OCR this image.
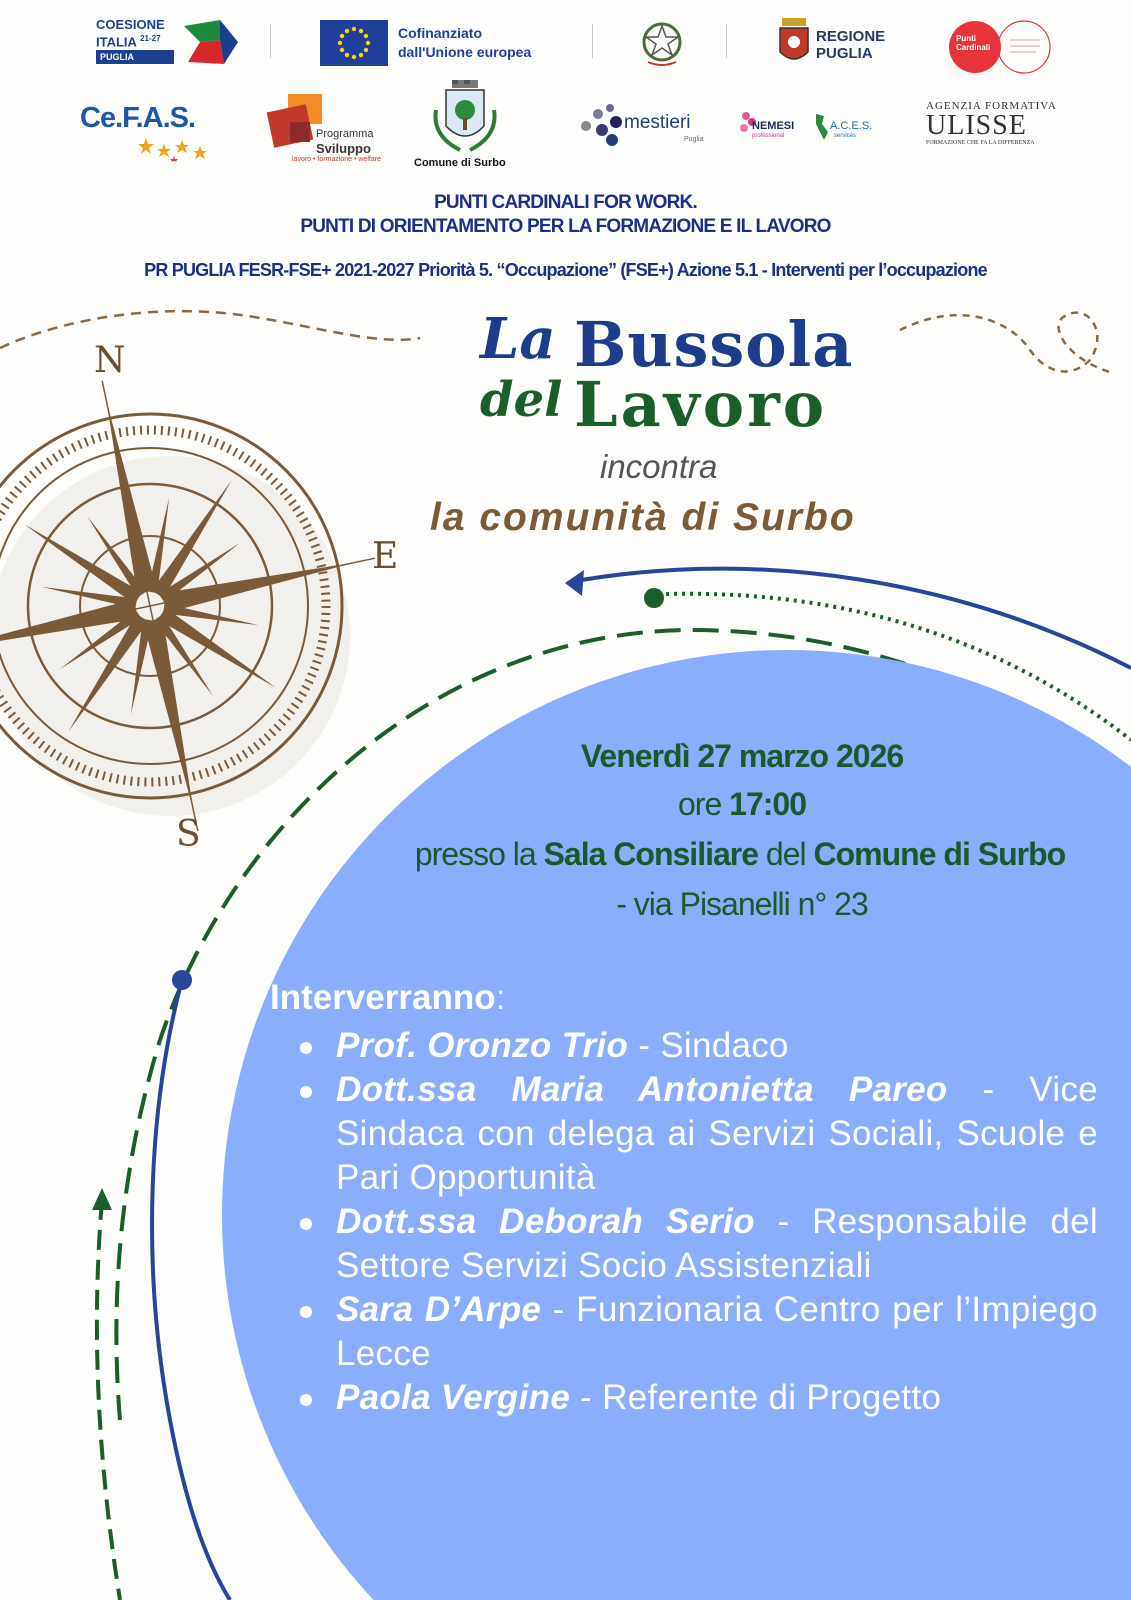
N
E
S
COESIONE
ITALIA $^{21-27}$
PUGLIA
Cofinanziato
dall'Unione europea
REGIONE
PUGLIA
Punti
Cardinali
Ce.F.A.S.	Programma
Sviluppo
lavoro • formazione • welfare	Comune di Surbo
mestieri
Puglia
NEMESI
professional
A.C.E.S.
services
AGENZIA FORMATIVA
ULISSE
FORMAZIONE CHE FA LA DIFFERENZA
PUNTI CARDINALI FOR WORK.
PUNTI DI ORIENTAMENTO PER LA FORMAZIONE E IL LAVORO
PR PUGLIA FESR-FSE+ 2021-2027 Priorità 5. “Occupazione” (FSE+) Azione 5.1 - Interventi per l’occupazione
La Bussola
del Lavoro
incontra
la comunità di Surbo
Venerdì 27 marzo 2026
ore 17:00
presso la Sala Consiliare del Comune di Surbo
- via Pisanelli n° 23
Interverranno:
Prof. Oronzo Trio - Sindaco
Dott.ssa Maria Antonietta Pareo - Vice Sindaca con delega ai Servizi Sociali, Scuole e Pari Opportunità
Dott.ssa Deborah Serio - Responsabile del Settore Servizi Socio Assistenziali
Sara D’Arpe - Funzionaria Centro per l’Impiego Lecce
Paola Vergine - Referente di Progetto
